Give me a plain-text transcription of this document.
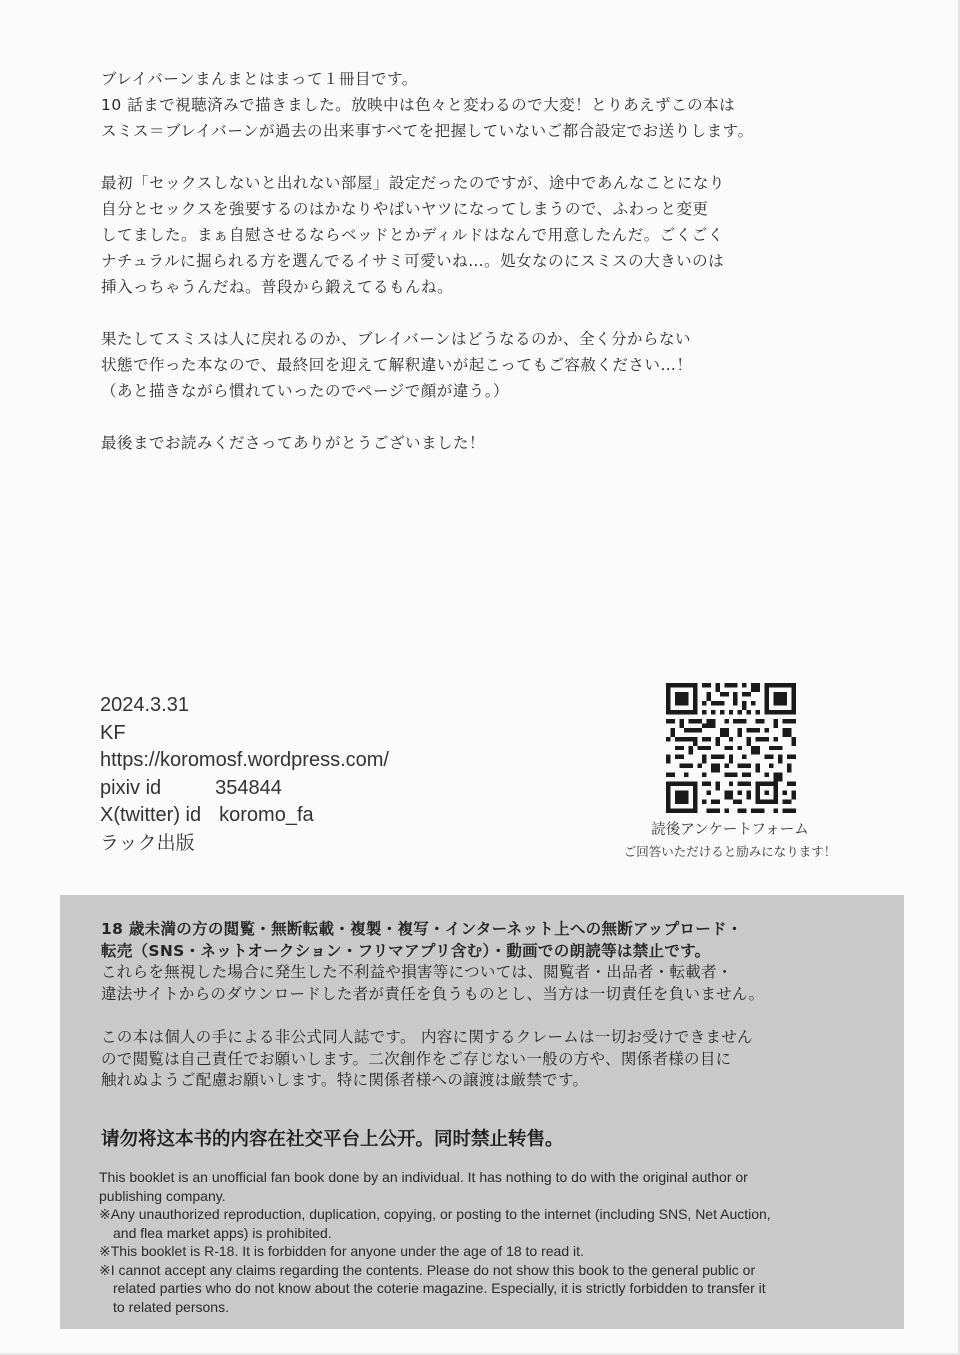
ブレイバーンまんまとはまって１冊目です。
10 話まで視聴済みで描きました。放映中は色々と変わるので大変！とりあえずこの本は
スミス＝ブレイバーンが過去の出来事すべてを把握していないご都合設定でお送りします。

最初「セックスしないと出れない部屋」設定だったのですが、途中であんなことになり
自分とセックスを強要するのはかなりやばいヤツになってしまうので、ふわっと変更
してました。まぁ自慰させるならベッドとかディルドはなんで用意したんだ。ごくごく
ナチュラルに掘られる方を選んでるイサミ可愛いね…。処女なのにスミスの大きいのは
挿入っちゃうんだね。普段から鍛えてるもんね。

果たしてスミスは人に戻れるのか、ブレイバーンはどうなるのか、全く分からない
状態で作った本なので、最終回を迎えて解釈違いが起こってもご容赦ください…！
（あと描きながら慣れていったのでページで顔が違う。）

最後までお読みくださってありがとうございました！

2024.3.31
KF
https://koromosf.wordpress.com/
pixiv id	354844
X(twitter) id koromo_fa
ラック出版
読後アンケートフォーム
ご回答いただけると励みになります！
18 歳未満の方の閲覧・無断転載・複製・複写・インターネット上への無断アップロード・
転売（SNS・ネットオークション・フリマアプリ含む）・動画での朗読等は禁止です。
これらを無視した場合に発生した不利益や損害等については、閲覧者・出品者・転載者・
違法サイトからのダウンロードした者が責任を負うものとし、当方は一切責任を負いません。
この本は個人の手による非公式同人誌です。 内容に関するクレームは一切お受けできません
ので閲覧は自己責任でお願いします。二次創作をご存じない一般の方や、関係者様の目に
触れぬようご配慮お願いします。特に関係者様への譲渡は厳禁です。
请勿将这本书的内容在社交平台上公开。同时禁止转售。
This booklet is an unofficial fan book done by an individual. It has nothing to do with the original author or
publishing company.
※Any unauthorized reproduction, duplication, copying, or posting to the internet (including SNS, Net Auction,
and flea market apps) is prohibited.
※This booklet is R-18. It is forbidden for anyone under the age of 18 to read it.
※I cannot accept any claims regarding the contents. Please do not show this book to the general public or
related parties who do not know about the coterie magazine. Especially, it is strictly forbidden to transfer it
to related persons.
